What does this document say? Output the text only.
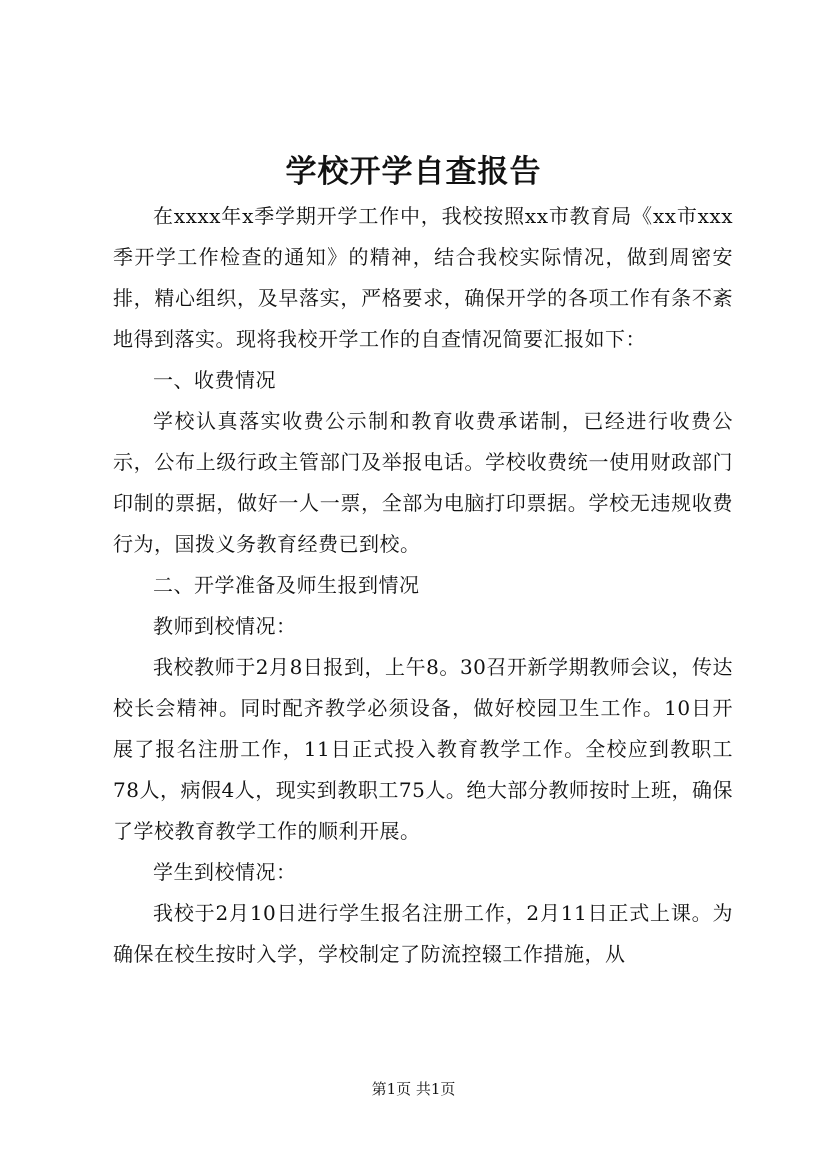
学校开学自查报告

在xxxx年x季学期开学工作中，我校按照xx市教育局《xx市xxx季开学工作检查的通知》的精神，结合我校实际情况，做到周密安排，精心组织，及早落实，严格要求，确保开学的各项工作有条不紊地得到落实。现将我校开学工作的自查情况简要汇报如下：

一、收费情况

学校认真落实收费公示制和教育收费承诺制，已经进行收费公示，公布上级行政主管部门及举报电话。学校收费统一使用财政部门印制的票据，做好一人一票，全部为电脑打印票据。学校无违规收费行为，国拨义务教育经费已到校。

二、开学准备及师生报到情况

教师到校情况：

我校教师于2月8日报到，上午8。30召开新学期教师会议，传达校长会精神。同时配齐教学必须设备，做好校园卫生工作。10日开展了报名注册工作，11日正式投入教育教学工作。全校应到教职工78人，病假4人，现实到教职工75人。绝大部分教师按时上班，确保了学校教育教学工作的顺利开展。

学生到校情况：

我校于2月10日进行学生报名注册工作，2月11日正式上课。为确保在校生按时入学，学校制定了防流控辍工作措施，从

第1页 共1页
